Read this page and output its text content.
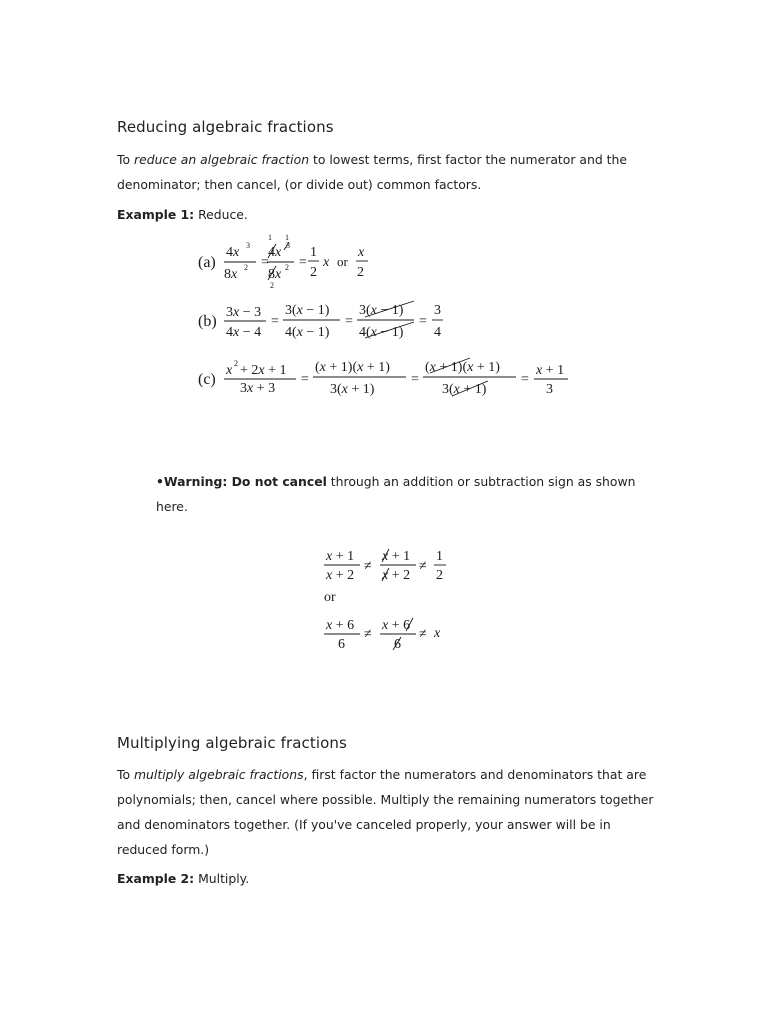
Reducing algebraic fractions

To reduce an algebraic fraction to lowest terms, first factor the numerator and the
denominator; then cancel, (or divide out) common factors.

Example 1: Reduce.

(a)
4x 3
8x 2 =
1 1
4x 3
8x 2
2
=
1
2
x or
x
2
(b)
3x − 3
4x − 4
=
3(x − 1)
4(x − 1)
=
3(x − 1)
4(x − 1)
=
3
4
(c)
x 2 + 2x + 1
3x + 3
=
(x + 1)(x + 1)
3(x + 1)
=
(x + 1)(x + 1)
3(x + 1)
=
x + 1
3

•Warning: Do not cancel through an addition or subtraction sign as shown
here.

x + 1
x + 2
≠
x + 1
x + 2
≠
1
2
or
x + 6
6
≠
x + 6
6
≠ x
Multiplying algebraic fractions

To multiply algebraic fractions, first factor the numerators and denominators that are
polynomials; then, cancel where possible. Multiply the remaining numerators together
and denominators together. (If you've canceled properly, your answer will be in
reduced form.)

Example 2: Multiply.
